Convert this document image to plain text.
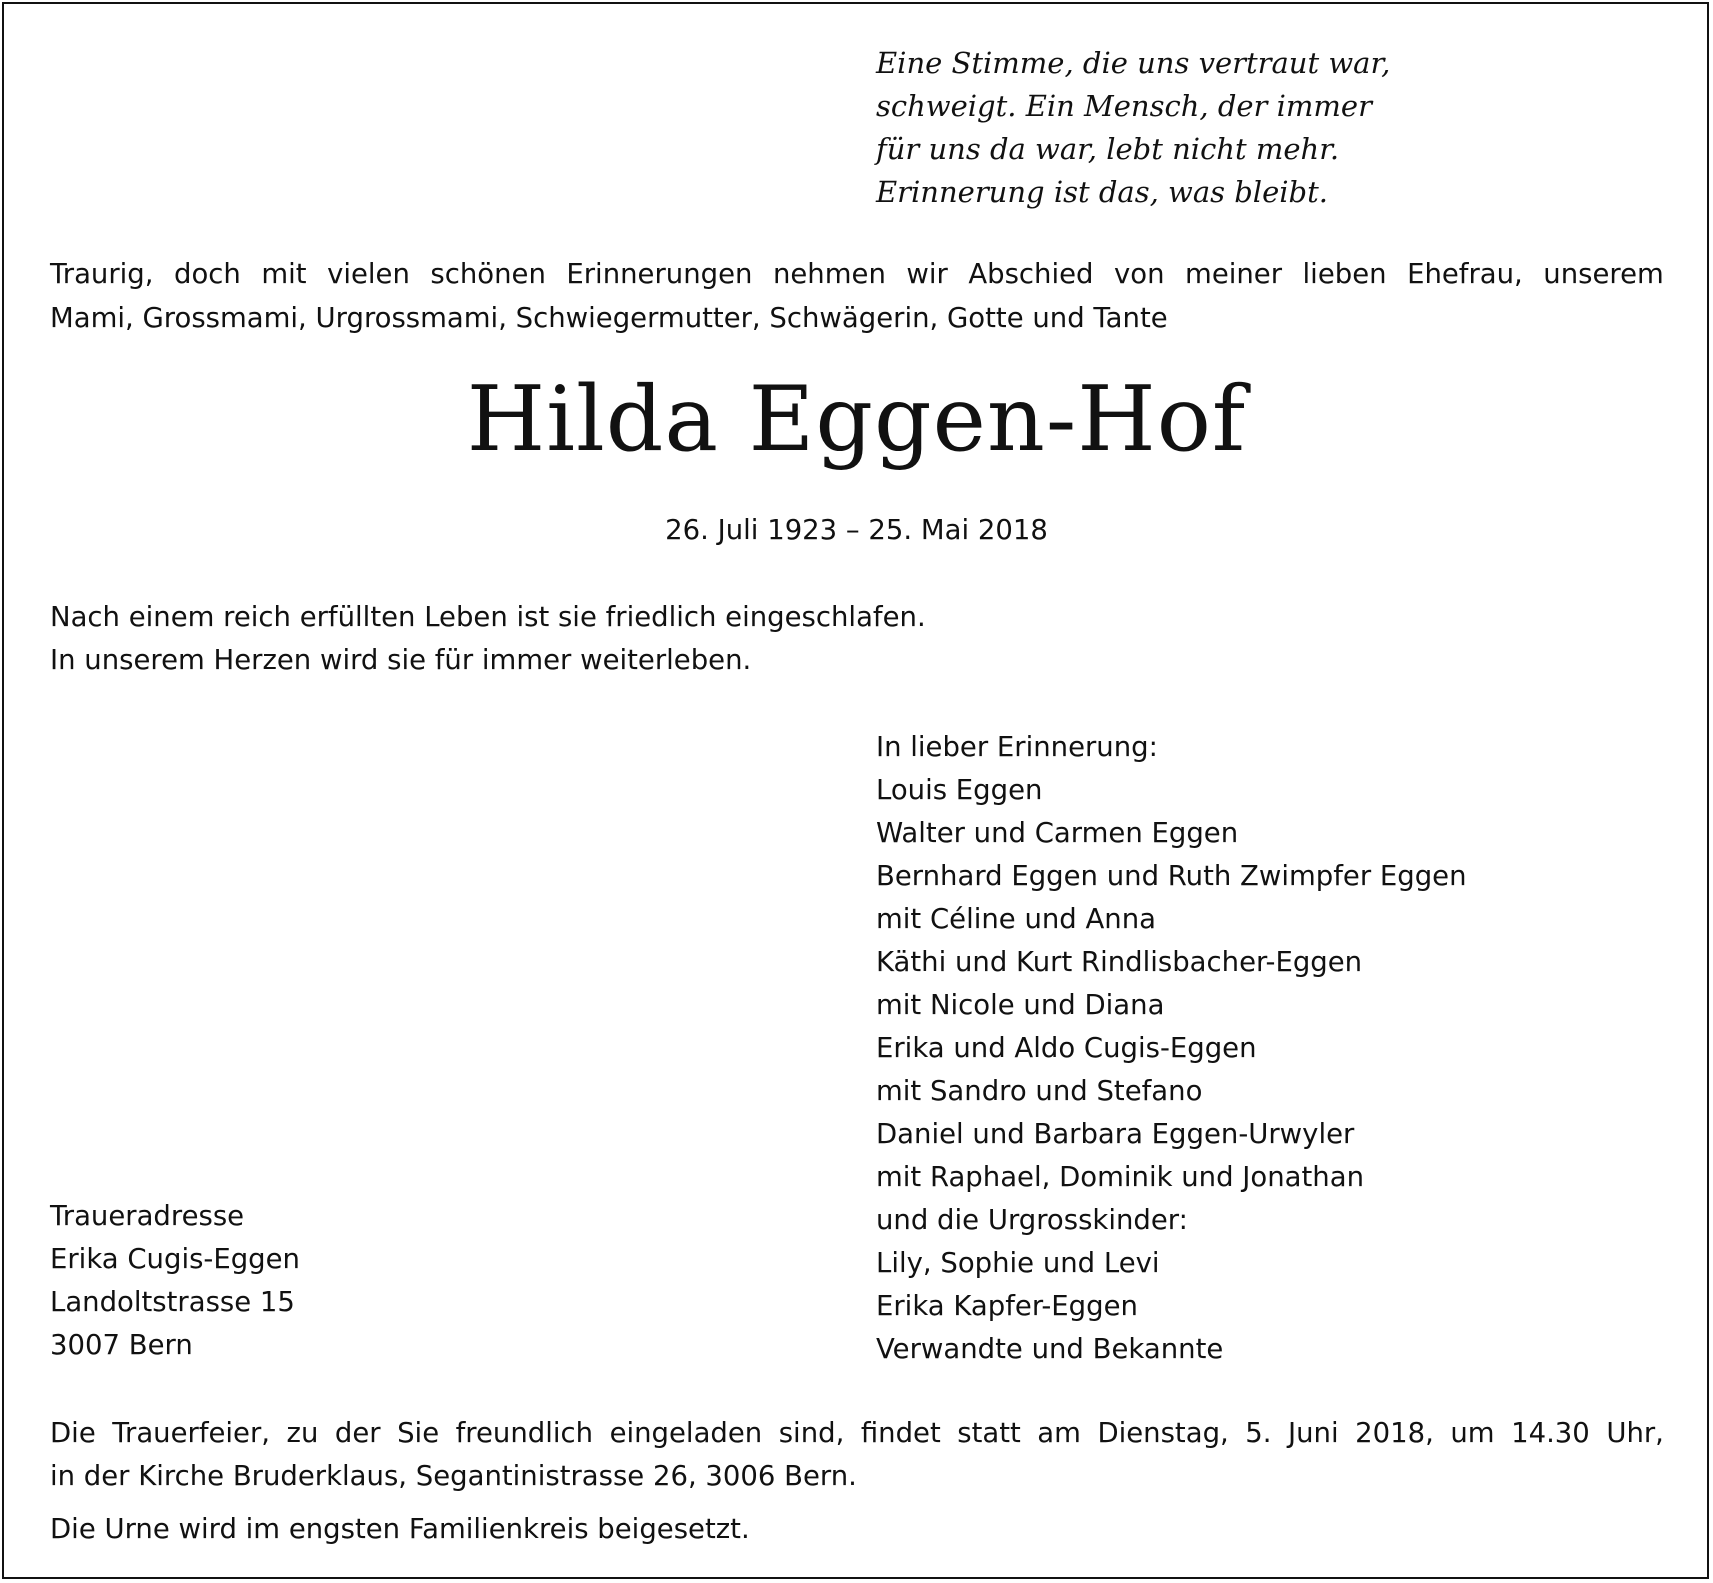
Eine Stimme, die uns vertraut war,
schweigt. Ein Mensch, der immer
für uns da war, lebt nicht mehr.
Erinnerung ist das, was bleibt.
Traurig, doch mit vielen schönen Erinnerungen nehmen wir Abschied von meiner lieben Ehefrau, unserem
Mami, Grossmami, Urgrossmami, Schwiegermutter, Schwägerin, Gotte und Tante
Hilda Eggen-Hof
26. Juli 1923 – 25. Mai 2018
Nach einem reich erfüllten Leben ist sie friedlich eingeschlafen.
In unserem Herzen wird sie für immer weiterleben.
In lieber Erinnerung:
Louis Eggen
Walter und Carmen Eggen
Bernhard Eggen und Ruth Zwimpfer Eggen
mit Céline und Anna
Käthi und Kurt Rindlisbacher-Eggen
mit Nicole und Diana
Erika und Aldo Cugis-Eggen
mit Sandro und Stefano
Daniel und Barbara Eggen-Urwyler
mit Raphael, Dominik und Jonathan
und die Urgrosskinder:
Lily, Sophie und Levi
Erika Kapfer-Eggen
Verwandte und Bekannte
Traueradresse
Erika Cugis-Eggen
Landoltstrasse 15
3007 Bern
Die Trauerfeier, zu der Sie freundlich eingeladen sind, findet statt am Dienstag, 5. Juni 2018, um 14.30 Uhr,
in der Kirche Bruderklaus, Segantinistrasse 26, 3006 Bern.
Die Urne wird im engsten Familienkreis beigesetzt.
